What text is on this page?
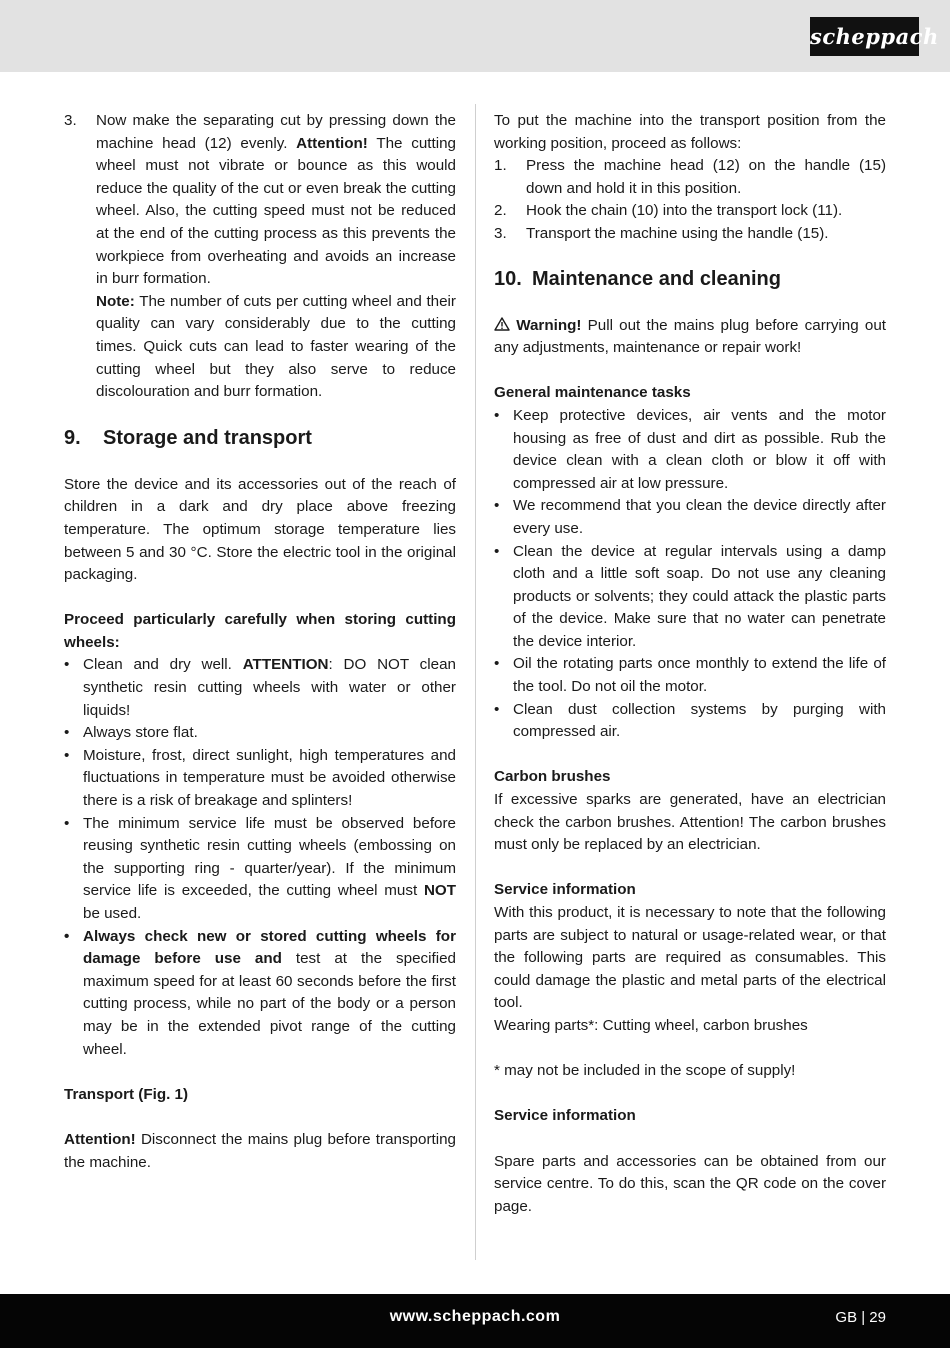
scheppach
3. Now make the separating cut by pressing down the machine head (12) evenly. Attention! The cutting wheel must not vibrate or bounce as this would reduce the quality of the cut or even break the cutting wheel. Also, the cutting speed must not be reduced at the end of the cutting process as this prevents the workpiece from overheating and avoids an increase in burr formation.
Note: The number of cuts per cutting wheel and their quality can vary considerably due to the cutting times. Quick cuts can lead to faster wearing of the cutting wheel but they also serve to reduce discolouration and burr formation.
9. Storage and transport

Store the device and its accessories out of the reach of children in a dark and dry place above freezing temperature. The optimum storage temperature lies between 5 and 30 °C. Store the electric tool in the original packaging.

Proceed particularly carefully when storing cutting wheels:

• Clean and dry well. ATTENTION: DO NOT clean synthetic resin cutting wheels with water or other liquids!
• Always store flat.
• Moisture, frost, direct sunlight, high temperatures and fluctuations in temperature must be avoided otherwise there is a risk of breakage and splinters!
• The minimum service life must be observed before reusing synthetic resin cutting wheels (embossing on the supporting ring - quarter/year). If the minimum service life is exceeded, the cutting wheel must NOT be used.
• Always check new or stored cutting wheels for damage before use and test at the specified maximum speed for at least 60 seconds before the first cutting process, while no part of the body or a person may be in the extended pivot range of the cutting wheel.

Transport (Fig. 1)

Attention! Disconnect the mains plug before transporting the machine.

To put the machine into the transport position from the working position, proceed as follows:

1. Press the machine head (12) on the handle (15) down and hold it in this position.
2. Hook the chain (10) into the transport lock (11).
3. Transport the machine using the handle (15).
10. Maintenance and cleaning

Warning! Pull out the mains plug before carrying out any adjustments, maintenance or repair work!

General maintenance tasks

• Keep protective devices, air vents and the motor housing as free of dust and dirt as possible. Rub the device clean with a clean cloth or blow it off with compressed air at low pressure.
• We recommend that you clean the device directly after every use.
• Clean the device at regular intervals using a damp cloth and a little soft soap. Do not use any cleaning products or solvents; they could attack the plastic parts of the device. Make sure that no water can penetrate the device interior.
• Oil the rotating parts once monthly to extend the life of the tool. Do not oil the motor.
• Clean dust collection systems by purging with compressed air.

Carbon brushes

If excessive sparks are generated, have an electrician check the carbon brushes. Attention! The carbon brushes must only be replaced by an electrician.

Service information

With this product, it is necessary to note that the following parts are subject to natural or usage-related wear, or that the following parts are required as consumables. This could damage the plastic and metal parts of the electrical tool.

Wearing parts*: Cutting wheel, carbon brushes

* may not be included in the scope of supply!

Service information

Spare parts and accessories can be obtained from our service centre. To do this, scan the QR code on the cover page.

www.scheppach.com	GB | 29
